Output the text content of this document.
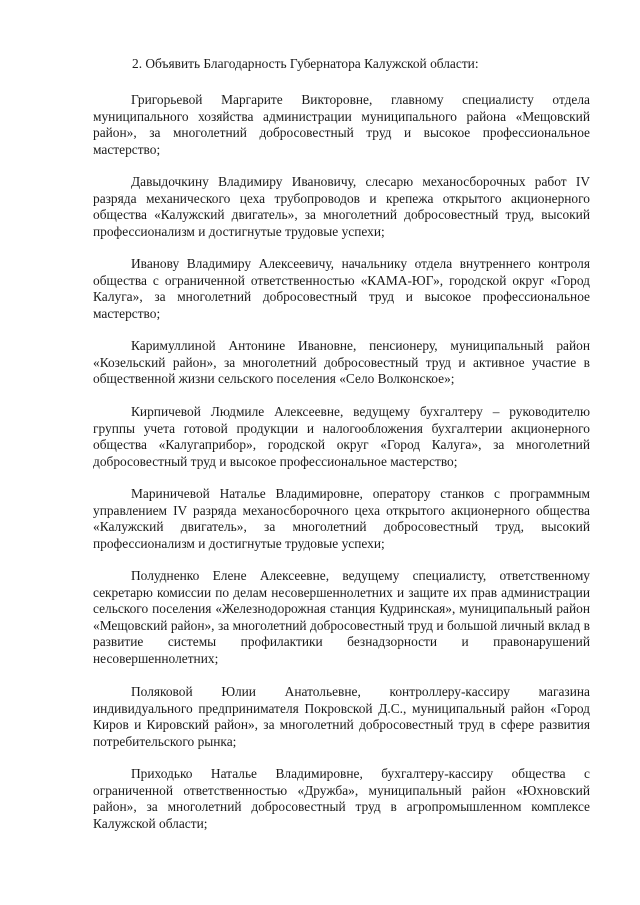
2. Объявить Благодарность Губернатора Калужской области:

Григорьевой Маргарите Викторовне, главному специалисту отдела муниципального хозяйства администрации муниципального района «Мещовский район», за многолетний добросовестный труд и высокое профессиональное мастерство;

Давыдочкину Владимиру Ивановичу, слесарю механосборочных работ IV разряда механического цеха трубопроводов и крепежа открытого акционерного общества «Калужский двигатель», за многолетний добросовестный труд, высокий профессионализм и достигнутые трудовые успехи;

Иванову Владимиру Алексеевичу, начальнику отдела внутреннего контроля общества с ограниченной ответственностью «КАМА-ЮГ», городской округ «Город Калуга», за многолетний добросовестный труд и высокое профессиональное мастерство;

Каримуллиной Антонине Ивановне, пенсионеру, муниципальный район «Козельский район», за многолетний добросовестный труд и активное участие в общественной жизни сельского поселения «Село Волконское»;

Кирпичевой Людмиле Алексеевне, ведущему бухгалтеру – руководителю группы учета готовой продукции и налогообложения бухгалтерии акционерного общества «Калугаприбор», городской округ «Город Калуга», за многолетний добросовестный труд и высокое профессиональное мастерство;

Мариничевой Наталье Владимировне, оператору станков с программным управлением IV разряда механосборочного цеха открытого акционерного общества «Калужский двигатель», за многолетний добросовестный труд, высокий профессионализм и достигнутые трудовые успехи;

Полудненко Елене Алексеевне, ведущему специалисту, ответственному секретарю комиссии по делам несовершеннолетних и защите их прав администрации сельского поселения «Железнодорожная станция Кудринская», муниципальный район «Мещовский район», за многолетний добросовестный труд и большой личный вклад в развитие системы профилактики безнадзорности и правонарушений несовершеннолетних;

Поляковой Юлии Анатольевне, контроллеру-кассиру магазина индивидуального предпринимателя Покровской Д.С., муниципальный район «Город Киров и Кировский район», за многолетний добросовестный труд в сфере развития потребительского рынка;

Приходько Наталье Владимировне, бухгалтеру-кассиру общества с ограниченной ответственностью «Дружба», муниципальный район «Юхновский район», за многолетний добросовестный труд в агропромышленном комплексе Калужской области;
